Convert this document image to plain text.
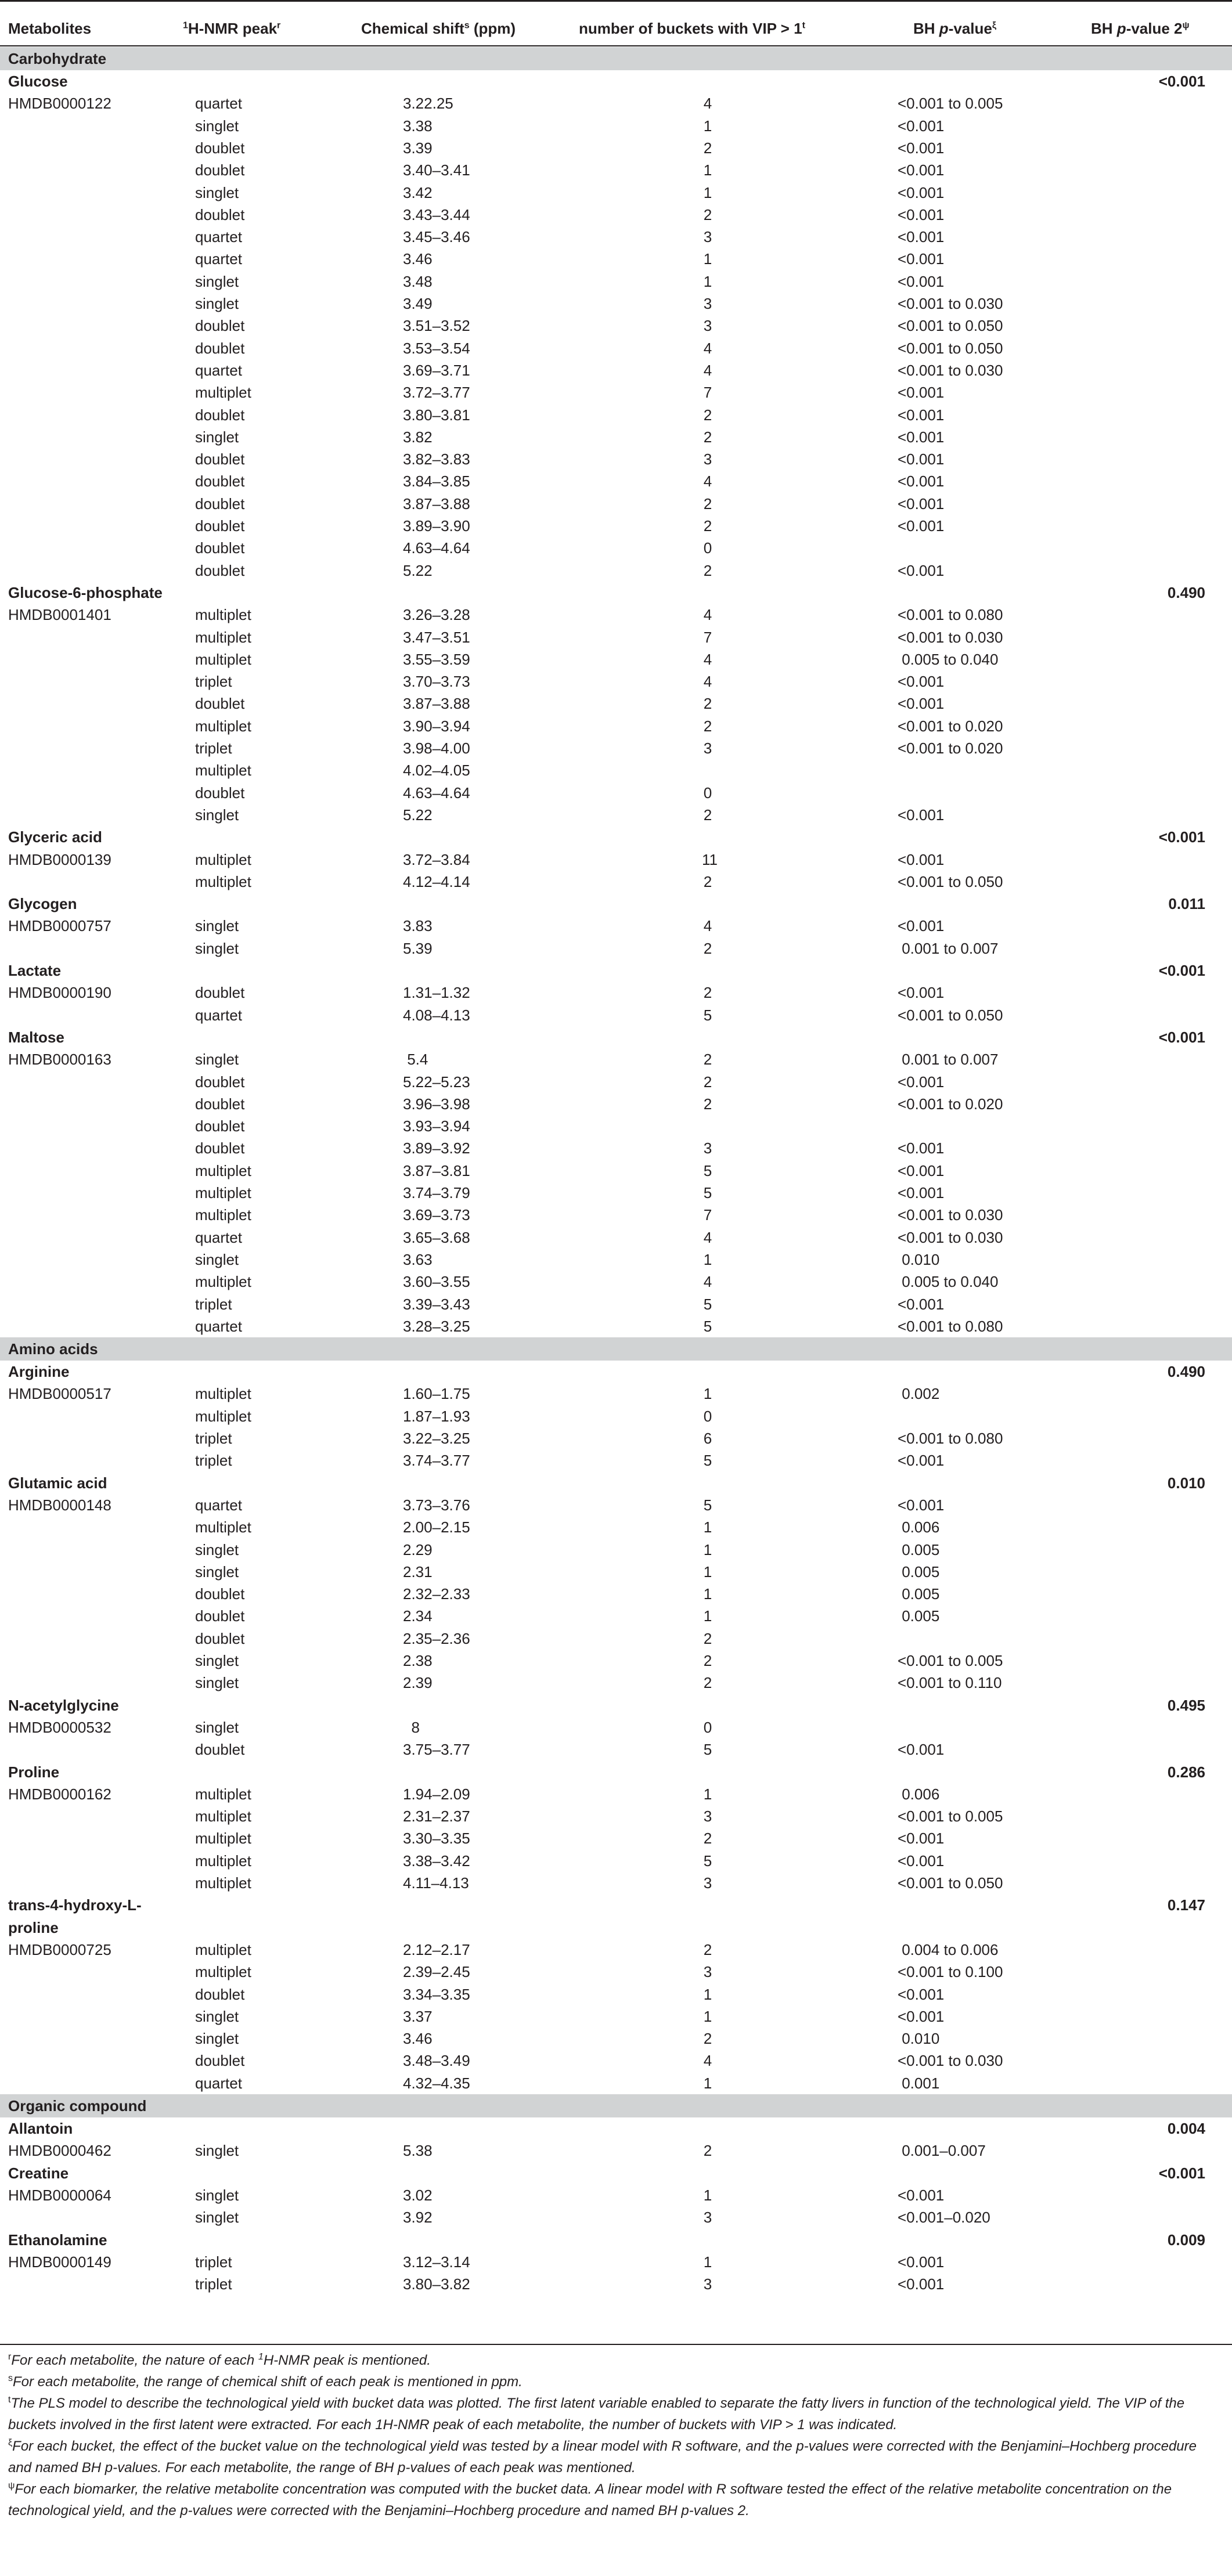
Metabolites	$^1$H-NMR peak$^r$	Chemical shift$^s$ (ppm)	number of buckets with VIP > $1^t$	BH p-value$^\xi$	BH p-value $2^\psi$
Carbohydrate
Glucose	<0.001
HMDB0000122	quartet	3.22.25	4	<0.001 to 0.005
singlet	3.38	1	<0.001
doublet	3.39	2	<0.001
doublet	3.40–3.41	1	<0.001
singlet	3.42	1	<0.001
doublet	3.43–3.44	2	<0.001
quartet	3.45–3.46	3	<0.001
quartet	3.46	1	<0.001
singlet	3.48	1	<0.001
singlet	3.49	3	<0.001 to 0.030
doublet	3.51–3.52	3	<0.001 to 0.050
doublet	3.53–3.54	4	<0.001 to 0.050
quartet	3.69–3.71	4	<0.001 to 0.030
multiplet	3.72–3.77	7	<0.001
doublet	3.80–3.81	2	<0.001
singlet	3.82	2	<0.001
doublet	3.82–3.83	3	<0.001
doublet	3.84–3.85	4	<0.001
doublet	3.87–3.88	2	<0.001
doublet	3.89–3.90	2	<0.001
doublet	4.63–4.64	0
doublet	5.22	2	<0.001
Glucose-6-phosphate	0.490
HMDB0001401	multiplet	3.26–3.28	4	<0.001 to 0.080
multiplet	3.47–3.51	7	<0.001 to 0.030
multiplet	3.55–3.59	4	0.005 to 0.040
triplet	3.70–3.73	4	<0.001
doublet	3.87–3.88	2	<0.001
multiplet	3.90–3.94	2	<0.001 to 0.020
triplet	3.98–4.00	3	<0.001 to 0.020
multiplet	4.02–4.05
doublet	4.63–4.64	0
singlet	5.22	2	<0.001
Glyceric acid	<0.001
HMDB0000139	multiplet	3.72–3.84	11	<0.001
multiplet	4.12–4.14	2	<0.001 to 0.050
Glycogen	0.011
HMDB0000757	singlet	3.83	4	<0.001
singlet	5.39	2	0.001 to 0.007
Lactate	<0.001
HMDB0000190	doublet	1.31–1.32	2	<0.001
quartet	4.08–4.13	5	<0.001 to 0.050
Maltose	<0.001
HMDB0000163	singlet	5.4	2	0.001 to 0.007
doublet	5.22–5.23	2	<0.001
doublet	3.96–3.98	2	<0.001 to 0.020
doublet	3.93–3.94
doublet	3.89–3.92	3	<0.001
multiplet	3.87–3.81	5	<0.001
multiplet	3.74–3.79	5	<0.001
multiplet	3.69–3.73	7	<0.001 to 0.030
quartet	3.65–3.68	4	<0.001 to 0.030
singlet	3.63	1	0.010
multiplet	3.60–3.55	4	0.005 to 0.040
triplet	3.39–3.43	5	<0.001
quartet	3.28–3.25	5	<0.001 to 0.080
Amino acids
Arginine	0.490
HMDB0000517	multiplet	1.60–1.75	1	0.002
multiplet	1.87–1.93	0
triplet	3.22–3.25	6	<0.001 to 0.080
triplet	3.74–3.77	5	<0.001
Glutamic acid	0.010
HMDB0000148	quartet	3.73–3.76	5	<0.001
multiplet	2.00–2.15	1	0.006
singlet	2.29	1	0.005
singlet	2.31	1	0.005
doublet	2.32–2.33	1	0.005
doublet	2.34	1	0.005
doublet	2.35–2.36	2
singlet	2.38	2	<0.001 to 0.005
singlet	2.39	2	<0.001 to 0.110
N-acetylglycine	0.495
HMDB0000532	singlet	8	0
doublet	3.75–3.77	5	<0.001
Proline	0.286
HMDB0000162	multiplet	1.94–2.09	1	0.006
multiplet	2.31–2.37	3	<0.001 to 0.005
multiplet	3.30–3.35	2	<0.001
multiplet	3.38–3.42	5	<0.001
multiplet	4.11–4.13	3	<0.001 to 0.050
trans-4-hydroxy-L-	0.147
proline
HMDB0000725	multiplet	2.12–2.17	2	0.004 to 0.006
multiplet	2.39–2.45	3	<0.001 to 0.100
doublet	3.34–3.35	1	<0.001
singlet	3.37	1	<0.001
singlet	3.46	2	0.010
doublet	3.48–3.49	4	<0.001 to 0.030
quartet	4.32–4.35	1	0.001
Organic compound
Allantoin	0.004
HMDB0000462	singlet	5.38	2	0.001–0.007
Creatine	<0.001
HMDB0000064	singlet	3.02	1	<0.001
singlet	3.92	3	<0.001–0.020
Ethanolamine	0.009
HMDB0000149	triplet	3.12–3.14	1	<0.001
triplet	3.80–3.82	3	<0.001
$^r$For each metabolite, the nature of each $^1$H-NMR peak is mentioned.
$^s$For each metabolite, the range of chemical shift of each peak is mentioned in ppm.
$^t$The PLS model to describe the technological yield with bucket data was plotted. The first latent variable enabled to separate the fatty livers in function of the technological yield. The VIP of the buckets involved in the first latent were extracted. For each 1H-NMR peak of each metabolite, the number of buckets with VIP > 1 was indicated.
$^\xi$For each bucket, the effect of the bucket value on the technological yield was tested by a linear model with R software, and the p-values were corrected with the Benjamini–Hochberg procedure and named BH p-values. For each metabolite, the range of BH p-values of each peak was mentioned.
$^\psi$For each biomarker, the relative metabolite concentration was computed with the bucket data. A linear model with R software tested the effect of the relative metabolite concentration on the technological yield, and the p-values were corrected with the Benjamini–Hochberg procedure and named BH p-values 2.
